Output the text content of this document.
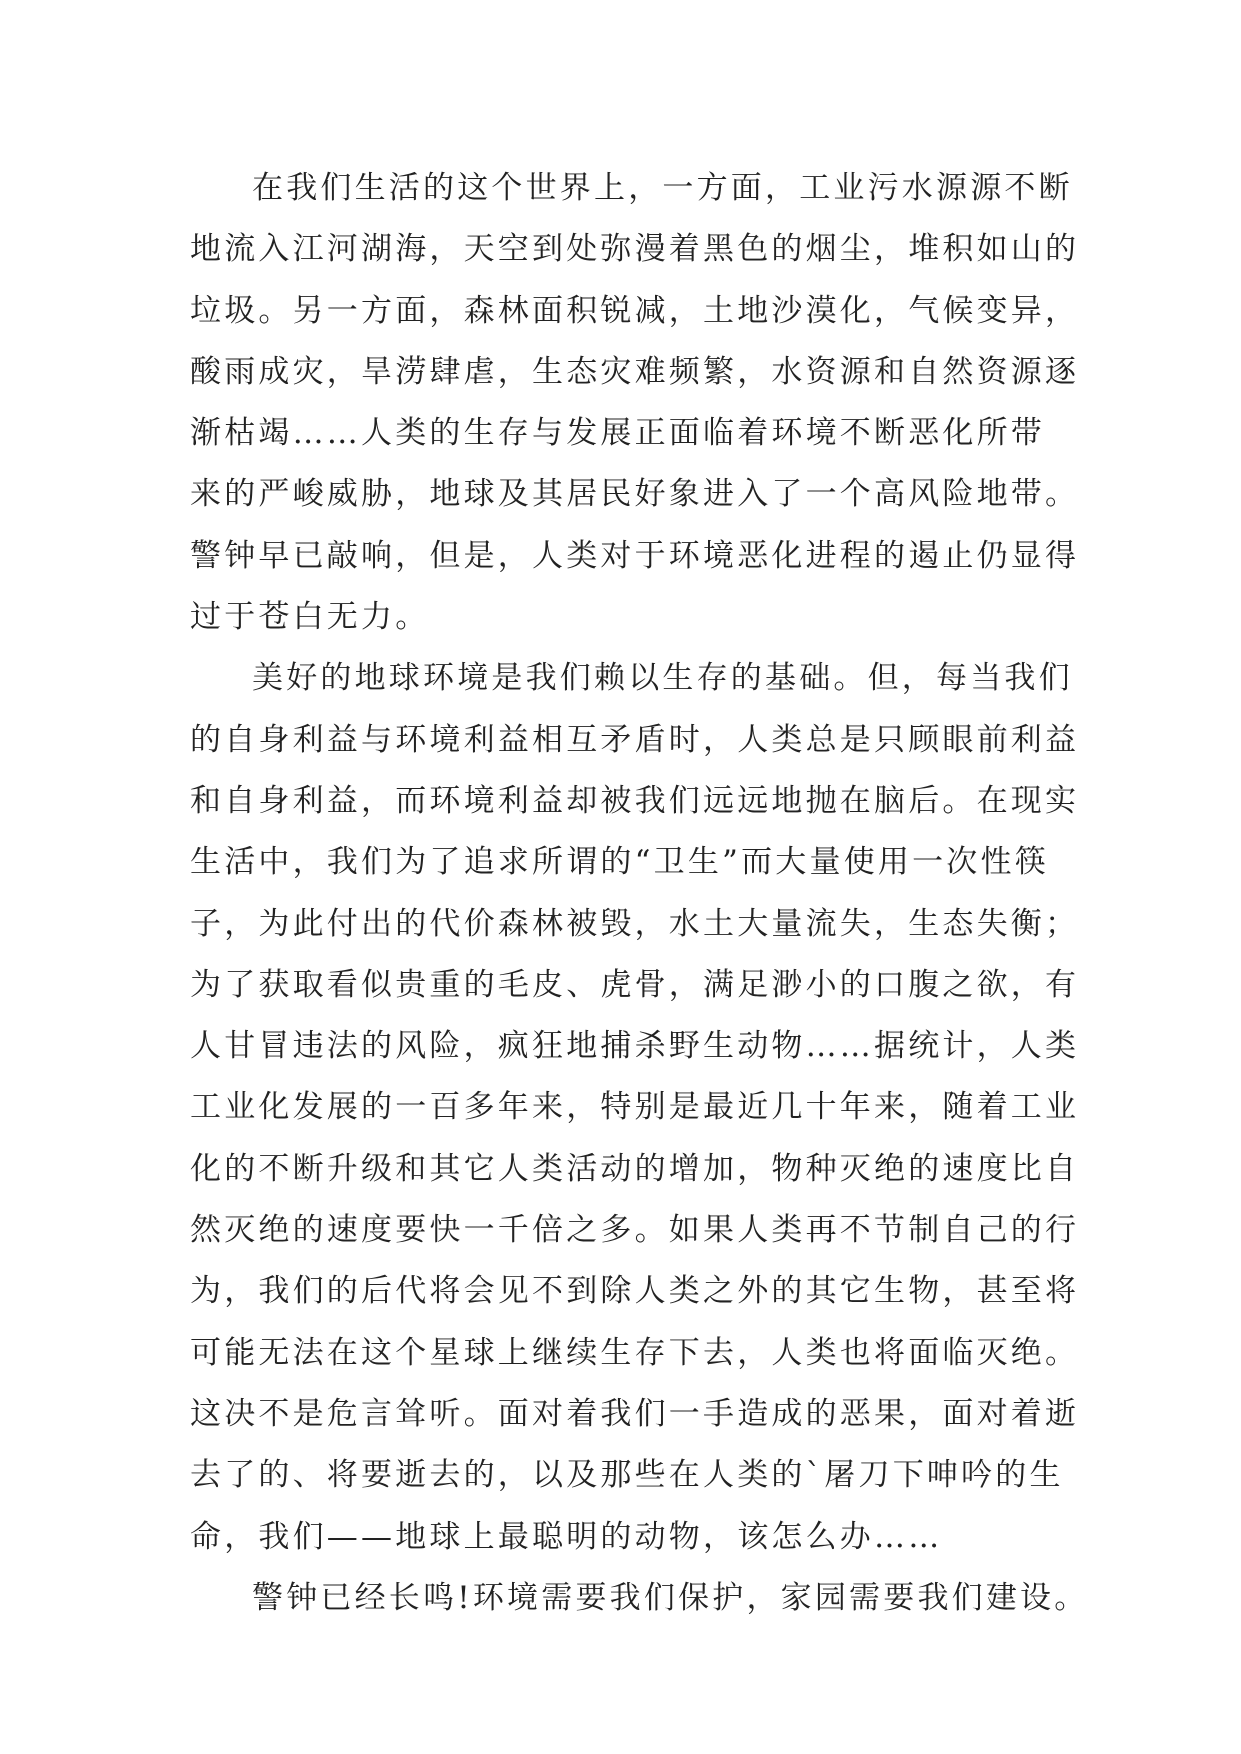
在我们生活的这个世界上，一方面，工业污水源源不断
地流入江河湖海，天空到处弥漫着黑色的烟尘，堆积如山的
垃圾。另一方面，森林面积锐减，土地沙漠化，气候变异，
酸雨成灾，旱涝肆虐，生态灾难频繁，水资源和自然资源逐
渐枯竭……人类的生存与发展正面临着环境不断恶化所带
来的严峻威胁，地球及其居民好象进入了一个高风险地带。
警钟早已敲响，但是，人类对于环境恶化进程的遏止仍显得
过于苍白无力。
美好的地球环境是我们赖以生存的基础。但，每当我们
的自身利益与环境利益相互矛盾时，人类总是只顾眼前利益
和自身利益，而环境利益却被我们远远地抛在脑后。在现实
生活中，我们为了追求所谓的“卫生”而大量使用一次性筷
子，为此付出的代价森林被毁，水土大量流失，生态失衡；
为了获取看似贵重的毛皮、虎骨，满足渺小的口腹之欲，有
人甘冒违法的风险，疯狂地捕杀野生动物……据统计，人类
工业化发展的一百多年来，特别是最近几十年来，随着工业
化的不断升级和其它人类活动的增加，物种灭绝的速度比自
然灭绝的速度要快一千倍之多。如果人类再不节制自己的行
为，我们的后代将会见不到除人类之外的其它生物，甚至将
可能无法在这个星球上继续生存下去，人类也将面临灭绝。
这决不是危言耸听。面对着我们一手造成的恶果，面对着逝
去了的、将要逝去的，以及那些在人类的`屠刀下呻吟的生
命，我们——地球上最聪明的动物，该怎么办……
警钟已经长鸣!环境需要我们保护，家园需要我们建设。
